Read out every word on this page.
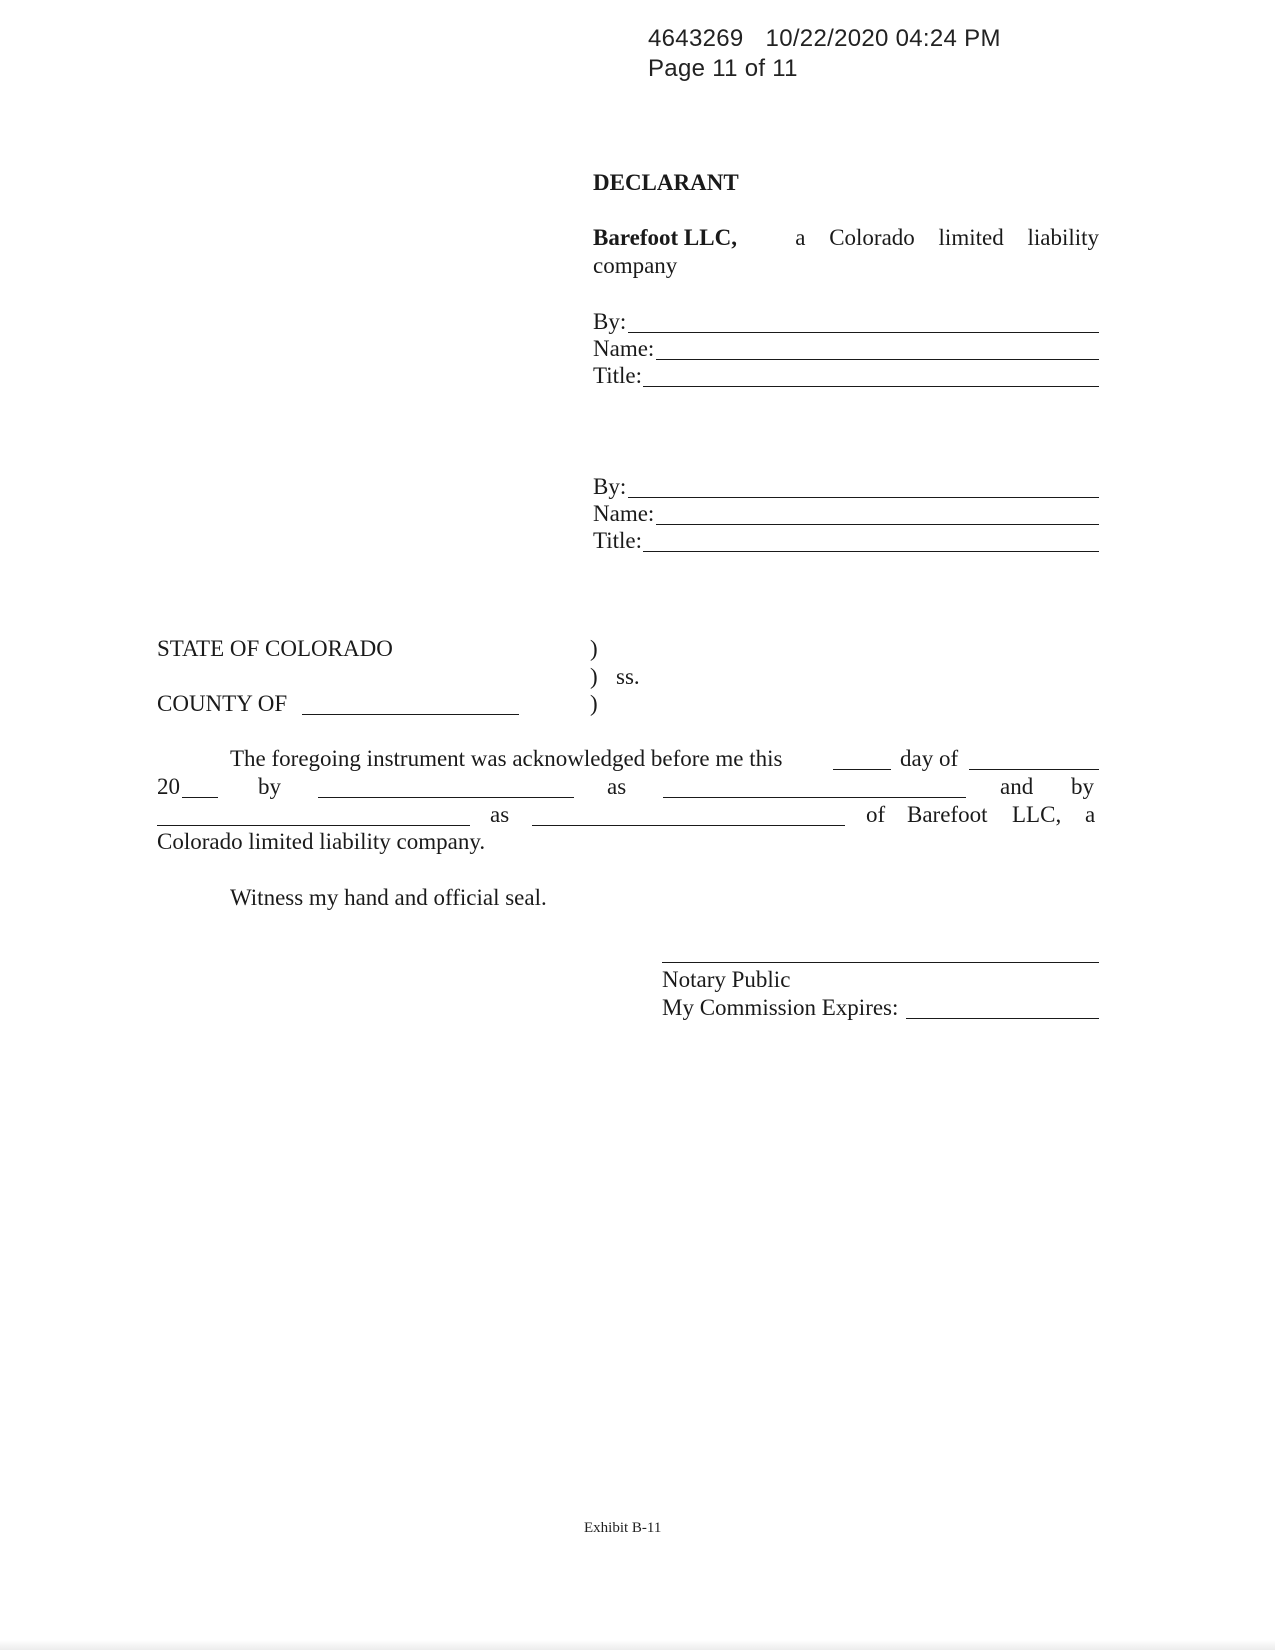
4643269 10/22/2020 04:24 PM
Page 11 of 11
DECLARANT
Barefoot LLC,	a Colorado limited liability
company
By:
Name:
Title:
By:
Name:
Title:
STATE OF COLORADO	)
) ss.
COUNTY OF	)
The foregoing instrument was acknowledged before me this	day of
20	by	as	and by
as	of Barefoot LLC, a
Colorado limited liability company.
Witness my hand and official seal.
Notary Public
My Commission Expires:
Exhibit B-11
